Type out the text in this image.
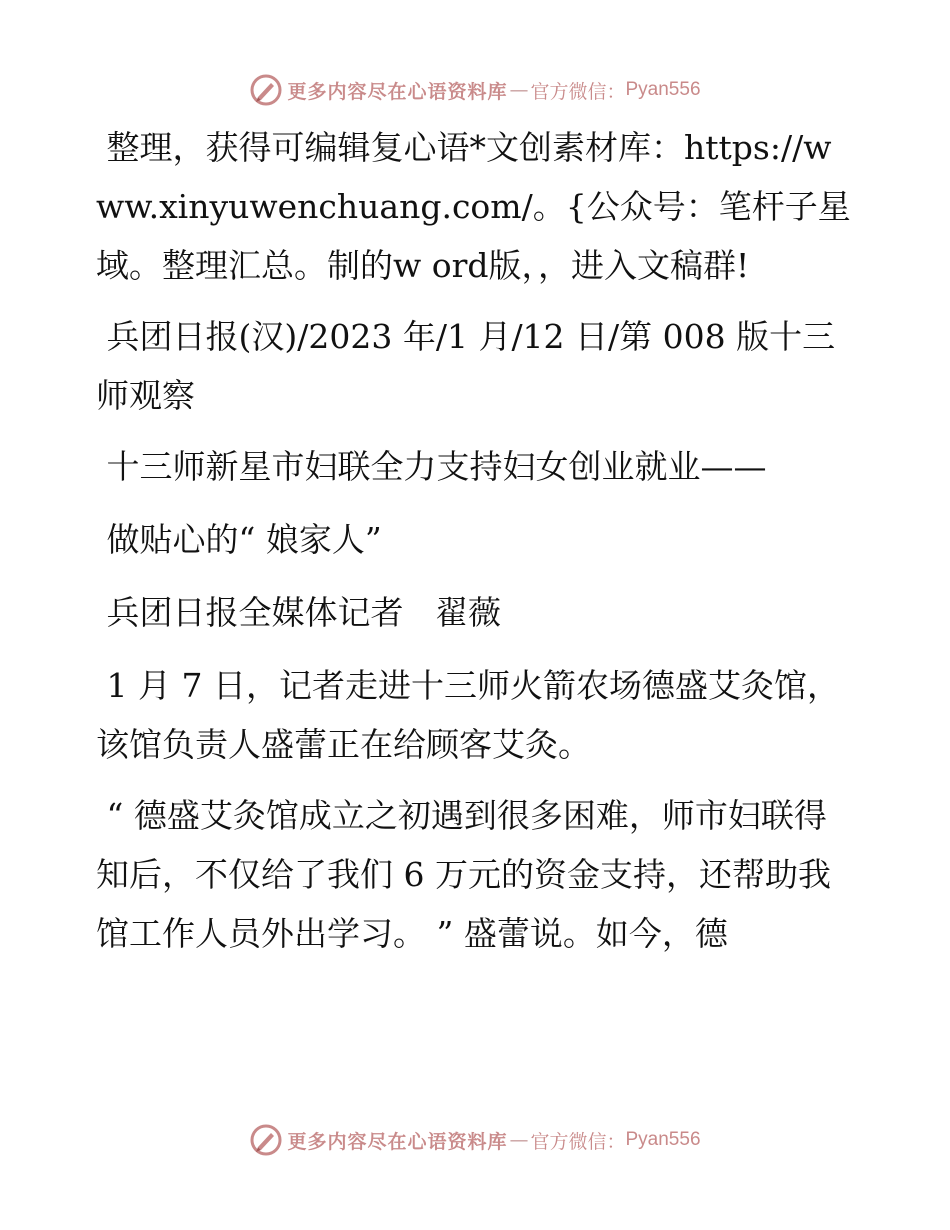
更多内容尽在心语资料库 — 官方微信： Pyan556

整理，获得可编辑复心语*文创素材库：https://www.xinyuwenchuang.com/。{公众号：笔杆子星域。整理汇总。制的w ord版，，进入文稿群!

兵团日报(汉)/2023 年/1 月/12 日/第 008 版十三师观察

十三师新星市妇联全力支持妇女创业就业——

做贴心的“ 娘家人”

兵团日报全媒体记者   翟薇

1 月 7 日，记者走进十三师火箭农场德盛艾灸馆，该馆负责人盛蕾正在给顾客艾灸。

“ 德盛艾灸馆成立之初遇到很多困难，师市妇联得知后，不仅给了我们 6 万元的资金支持，还帮助我馆工作人员外出学习。 ” 盛蕾说。如今，德

更多内容尽在心语资料库 — 官方微信： Pyan556
